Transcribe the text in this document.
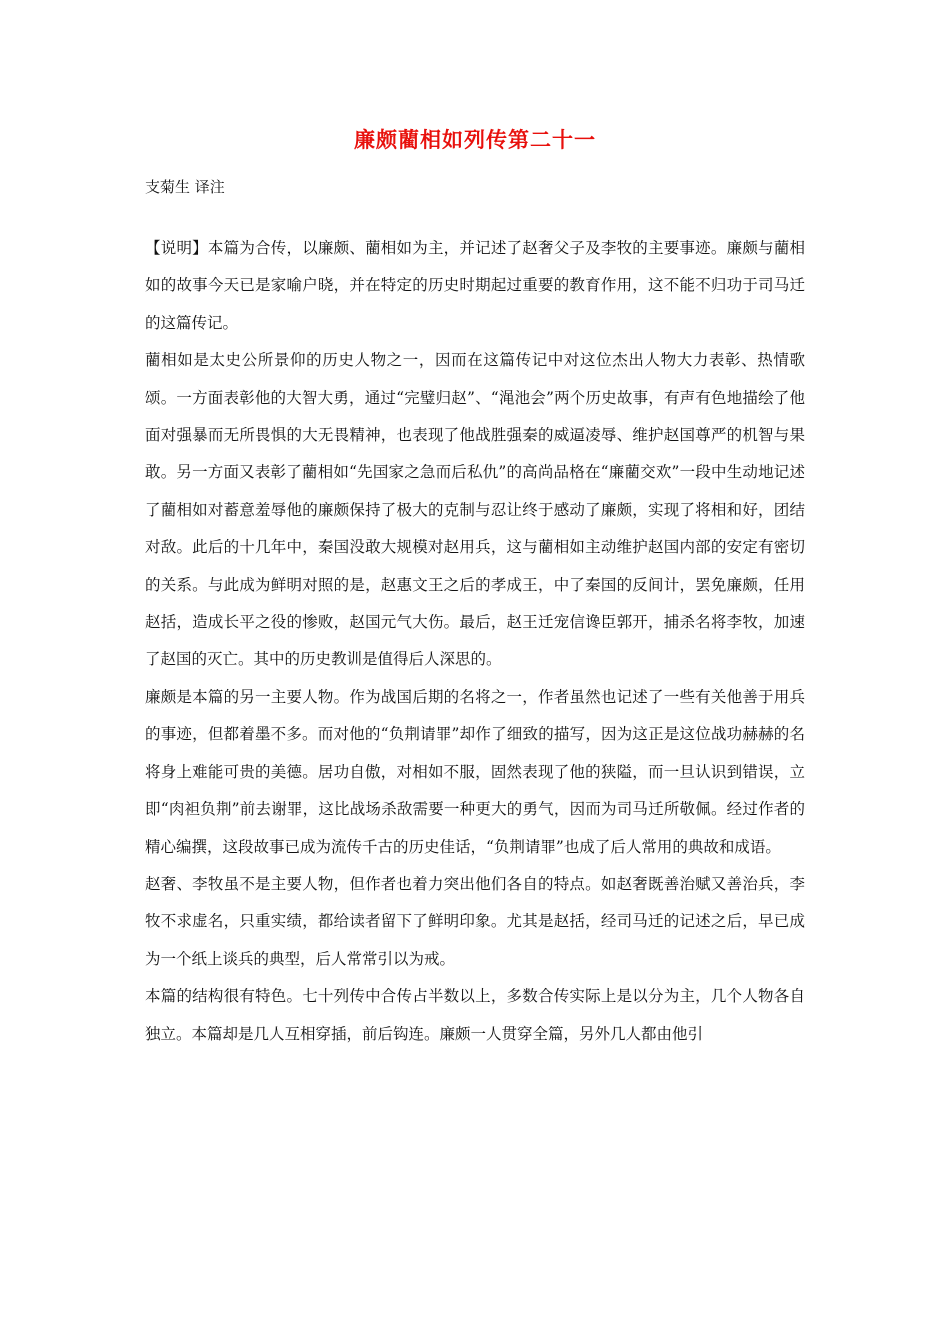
廉颇藺相如列传第二十一

支菊生 译注

【说明】本篇为合传，以廉颇、藺相如为主，并记述了赵奢父子及李牧的主要事迹。廉颇与藺相如的故事今天已是家喻户晓，并在特定的历史时期起过重要的教育作用，这不能不归功于司马迁的这篇传记。

藺相如是太史公所景仰的历史人物之一，因而在这篇传记中对这位杰出人物大力表彰、热情歌颂。一方面表彰他的大智大勇，通过“完璧归赵”、“渑池会”两个历史故事，有声有色地描绘了他面对强暴而无所畏惧的大无畏精神，也表现了他战胜强秦的威逼凌辱、维护赵国尊严的机智与果敢。另一方面又表彰了藺相如“先国家之急而后私仇”的高尚品格在“廉藺交欢”一段中生动地记述了藺相如对蓄意羞辱他的廉颇保持了极大的克制与忍让终于感动了廉颇，实现了将相和好，团结对敌。此后的十几年中，秦国没敢大规模对赵用兵，这与藺相如主动维护赵国内部的安定有密切的关系。与此成为鲜明对照的是，赵惠文王之后的孝成王，中了秦国的反间计，罢免廉颇，任用赵括，造成长平之役的惨败，赵国元气大伤。最后，赵王迁宠信谗臣郭开，捕杀名将李牧，加速了赵国的灭亡。其中的历史教训是值得后人深思的。

廉颇是本篇的另一主要人物。作为战国后期的名将之一，作者虽然也记述了一些有关他善于用兵的事迹，但都着墨不多。而对他的“负荆请罪”却作了细致的描写，因为这正是这位战功赫赫的名将身上难能可贵的美德。居功自傲，对相如不服，固然表现了他的狭隘，而一旦认识到错误，立即“肉袒负荆”前去谢罪，这比战场杀敌需要一种更大的勇气，因而为司马迁所敬佩。经过作者的精心编撰，这段故事已成为流传千古的历史佳话，“负荆请罪”也成了后人常用的典故和成语。

赵奢、李牧虽不是主要人物，但作者也着力突出他们各自的特点。如赵奢既善治赋又善治兵，李牧不求虚名，只重实绩，都给读者留下了鲜明印象。尤其是赵括，经司马迁的记述之后，早已成为一个纸上谈兵的典型，后人常常引以为戒。

本篇的结构很有特色。七十列传中合传占半数以上，多数合传实际上是以分为主，几个人物各自独立。本篇却是几人互相穿插，前后钩连。廉颇一人贯穿全篇，另外几人都由他引
